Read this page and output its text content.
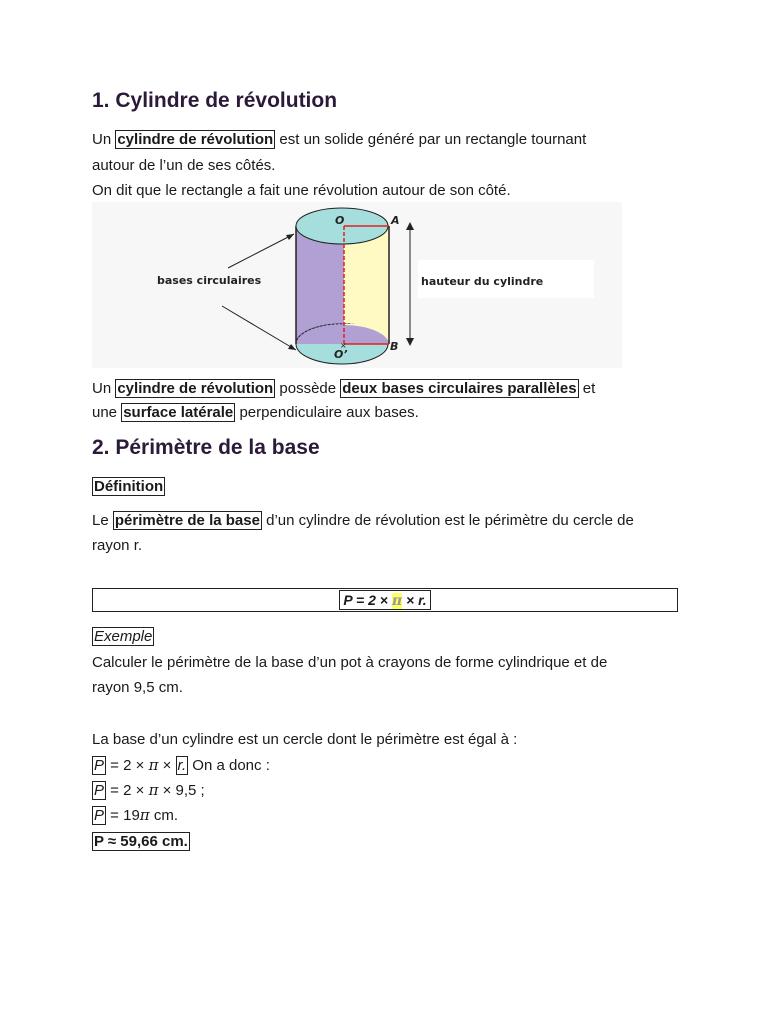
1. Cylindre de révolution
Un cylindre de révolution est un solide généré par un rectangle tournant
autour de l’un de ses côtés.
On dit que le rectangle a fait une révolution autour de son côté.
bases circulaires	hauteur du cylindre
O	A
O’
B
×
Un cylindre de révolution possède deux bases circulaires parallèles et
une surface latérale perpendiculaire aux bases.
2. Périmètre de la base
Définition
Le périmètre de la base d’un cylindre de révolution est le périmètre du cercle de
rayon r.
P = 2 × π × r.
Exemple
Calculer le périmètre de la base d’un pot à crayons de forme cylindrique et de
rayon 9,5 cm.
La base d’un cylindre est un cercle dont le périmètre est égal à :
P = 2 × π × r. On a donc :
P = 2 × π × 9,5 ;
P = 19π cm.
P ≈ 59,66 cm.
